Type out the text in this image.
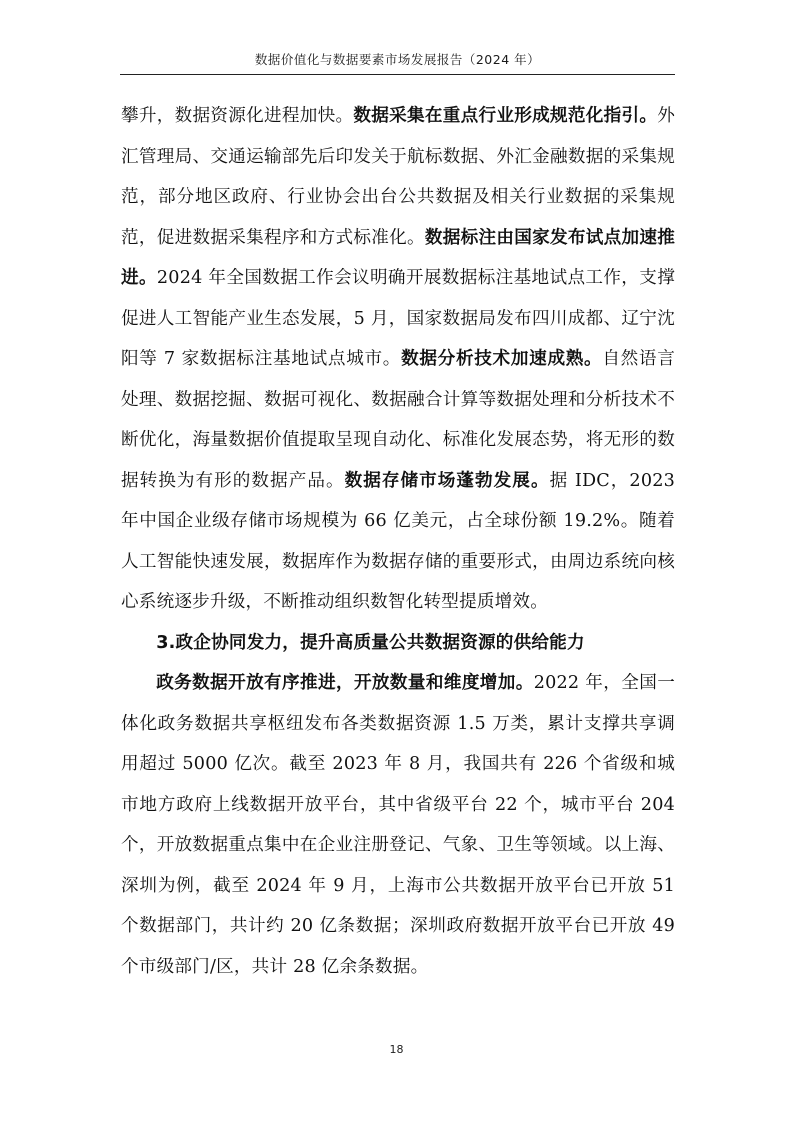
数据价值化与数据要素市场发展报告（2024 年）

攀升，数据资源化进程加快。数据采集在重点行业形成规范化指引。外汇管理局、交通运输部先后印发关于航标数据、外汇金融数据的采集规范，部分地区政府、行业协会出台公共数据及相关行业数据的采集规范，促进数据采集程序和方式标准化。数据标注由国家发布试点加速推进。2024 年全国数据工作会议明确开展数据标注基地试点工作，支撑促进人工智能产业生态发展，5 月，国家数据局发布四川成都、辽宁沈阳等 7 家数据标注基地试点城市。数据分析技术加速成熟。自然语言处理、数据挖掘、数据可视化、数据融合计算等数据处理和分析技术不断优化，海量数据价值提取呈现自动化、标准化发展态势，将无形的数据转换为有形的数据产品。数据存储市场蓬勃发展。据 IDC，2023 年中国企业级存储市场规模为 66 亿美元，占全球份额 19.2%。随着人工智能快速发展，数据库作为数据存储的重要形式，由周边系统向核心系统逐步升级，不断推动组织数智化转型提质增效。

3.政企协同发力，提升高质量公共数据资源的供给能力

政务数据开放有序推进，开放数量和维度增加。2022 年，全国一体化政务数据共享枢纽发布各类数据资源 1.5 万类，累计支撑共享调用超过 5000 亿次。截至 2023 年 8 月，我国共有 226 个省级和城市地方政府上线数据开放平台，其中省级平台 22 个，城市平台 204 个，开放数据重点集中在企业注册登记、气象、卫生等领域。以上海、深圳为例，截至 2024 年 9 月，上海市公共数据开放平台已开放 51 个数据部门，共计约 20 亿条数据；深圳政府数据开放平台已开放 49 个市级部门/区，共计 28 亿余条数据。

18
